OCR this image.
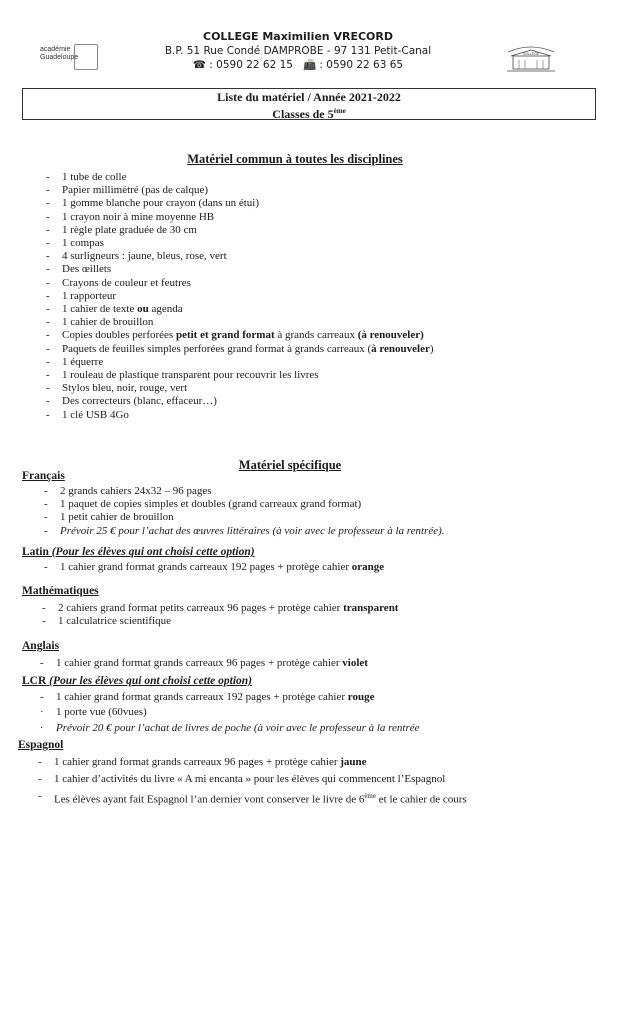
académie
Guadeloupe
COLLEGE Maximilien VRECORD
B.P. 51 Rue Condé DAMPROBE - 97 131 Petit-Canal
☎ : 0590 22 62 15 📠 : 0590 22 63 65
COLLEGE
Liste du matériel / Année 2021-2022
Classes de 5ème
Matériel commun à toutes les disciplines
- 1 tube de colle
- Papier millimétré (pas de calque)
- 1 gomme blanche pour crayon (dans un étui)
- 1 crayon noir à mine moyenne HB
- 1 règle plate graduée de 30 cm
- 1 compas
- 4 surligneurs : jaune, bleus, rose, vert
- Des œillets
- Crayons de couleur et feutres
- 1 rapporteur
- 1 cahier de texte ou agenda
- 1 cahier de brouillon
- Copies doubles perforées petit et grand format à grands carreaux (à renouveler)
- Paquets de feuilles simples perforées grand format à grands carreaux (à renouveler)
- 1 équerre
- 1 rouleau de plastique transparent pour recouvrir les livres
- Stylos bleu, noir, rouge, vert
- Des correcteurs (blanc, effaceur…)
- 1 clé USB 4Go
Matériel spécifique
Français
- 2 grands cahiers 24x32 – 96 pages
- 1 paquet de copies simples et doubles (grand carreaux grand format)
- 1 petit cahier de brouillon
- Prévoir 25 € pour l’achat des œuvres littéraires (à voir avec le professeur à la rentrée).
Latin (Pour les élèves qui ont choisi cette option)
- 1 cahier grand format grands carreaux 192 pages + protège cahier orange
Mathématiques
- 2 cahiers grand format petits carreaux 96 pages + protège cahier transparent
- 1 calculatrice scientifique
Anglais
- 1 cahier grand format grands carreaux 96 pages + protège cahier violet
LCR (Pour les élèves qui ont choisi cette option)
- 1 cahier grand format grands carreaux 192 pages + protège cahier rouge
· 1 porte vue (60vues)
· Prévoir 20 € pour l’achat de livres de poche (à voir avec le professeur à la rentrée
Espagnol
- 1 cahier grand format grands carreaux 96 pages + protège cahier jaune
- 1 cahier d’activités du livre « A mi encanta » pour les élèves qui commencent l’Espagnol
- Les élèves ayant fait Espagnol l’an dernier vont conserver le livre de 6ème et le cahier de cours
